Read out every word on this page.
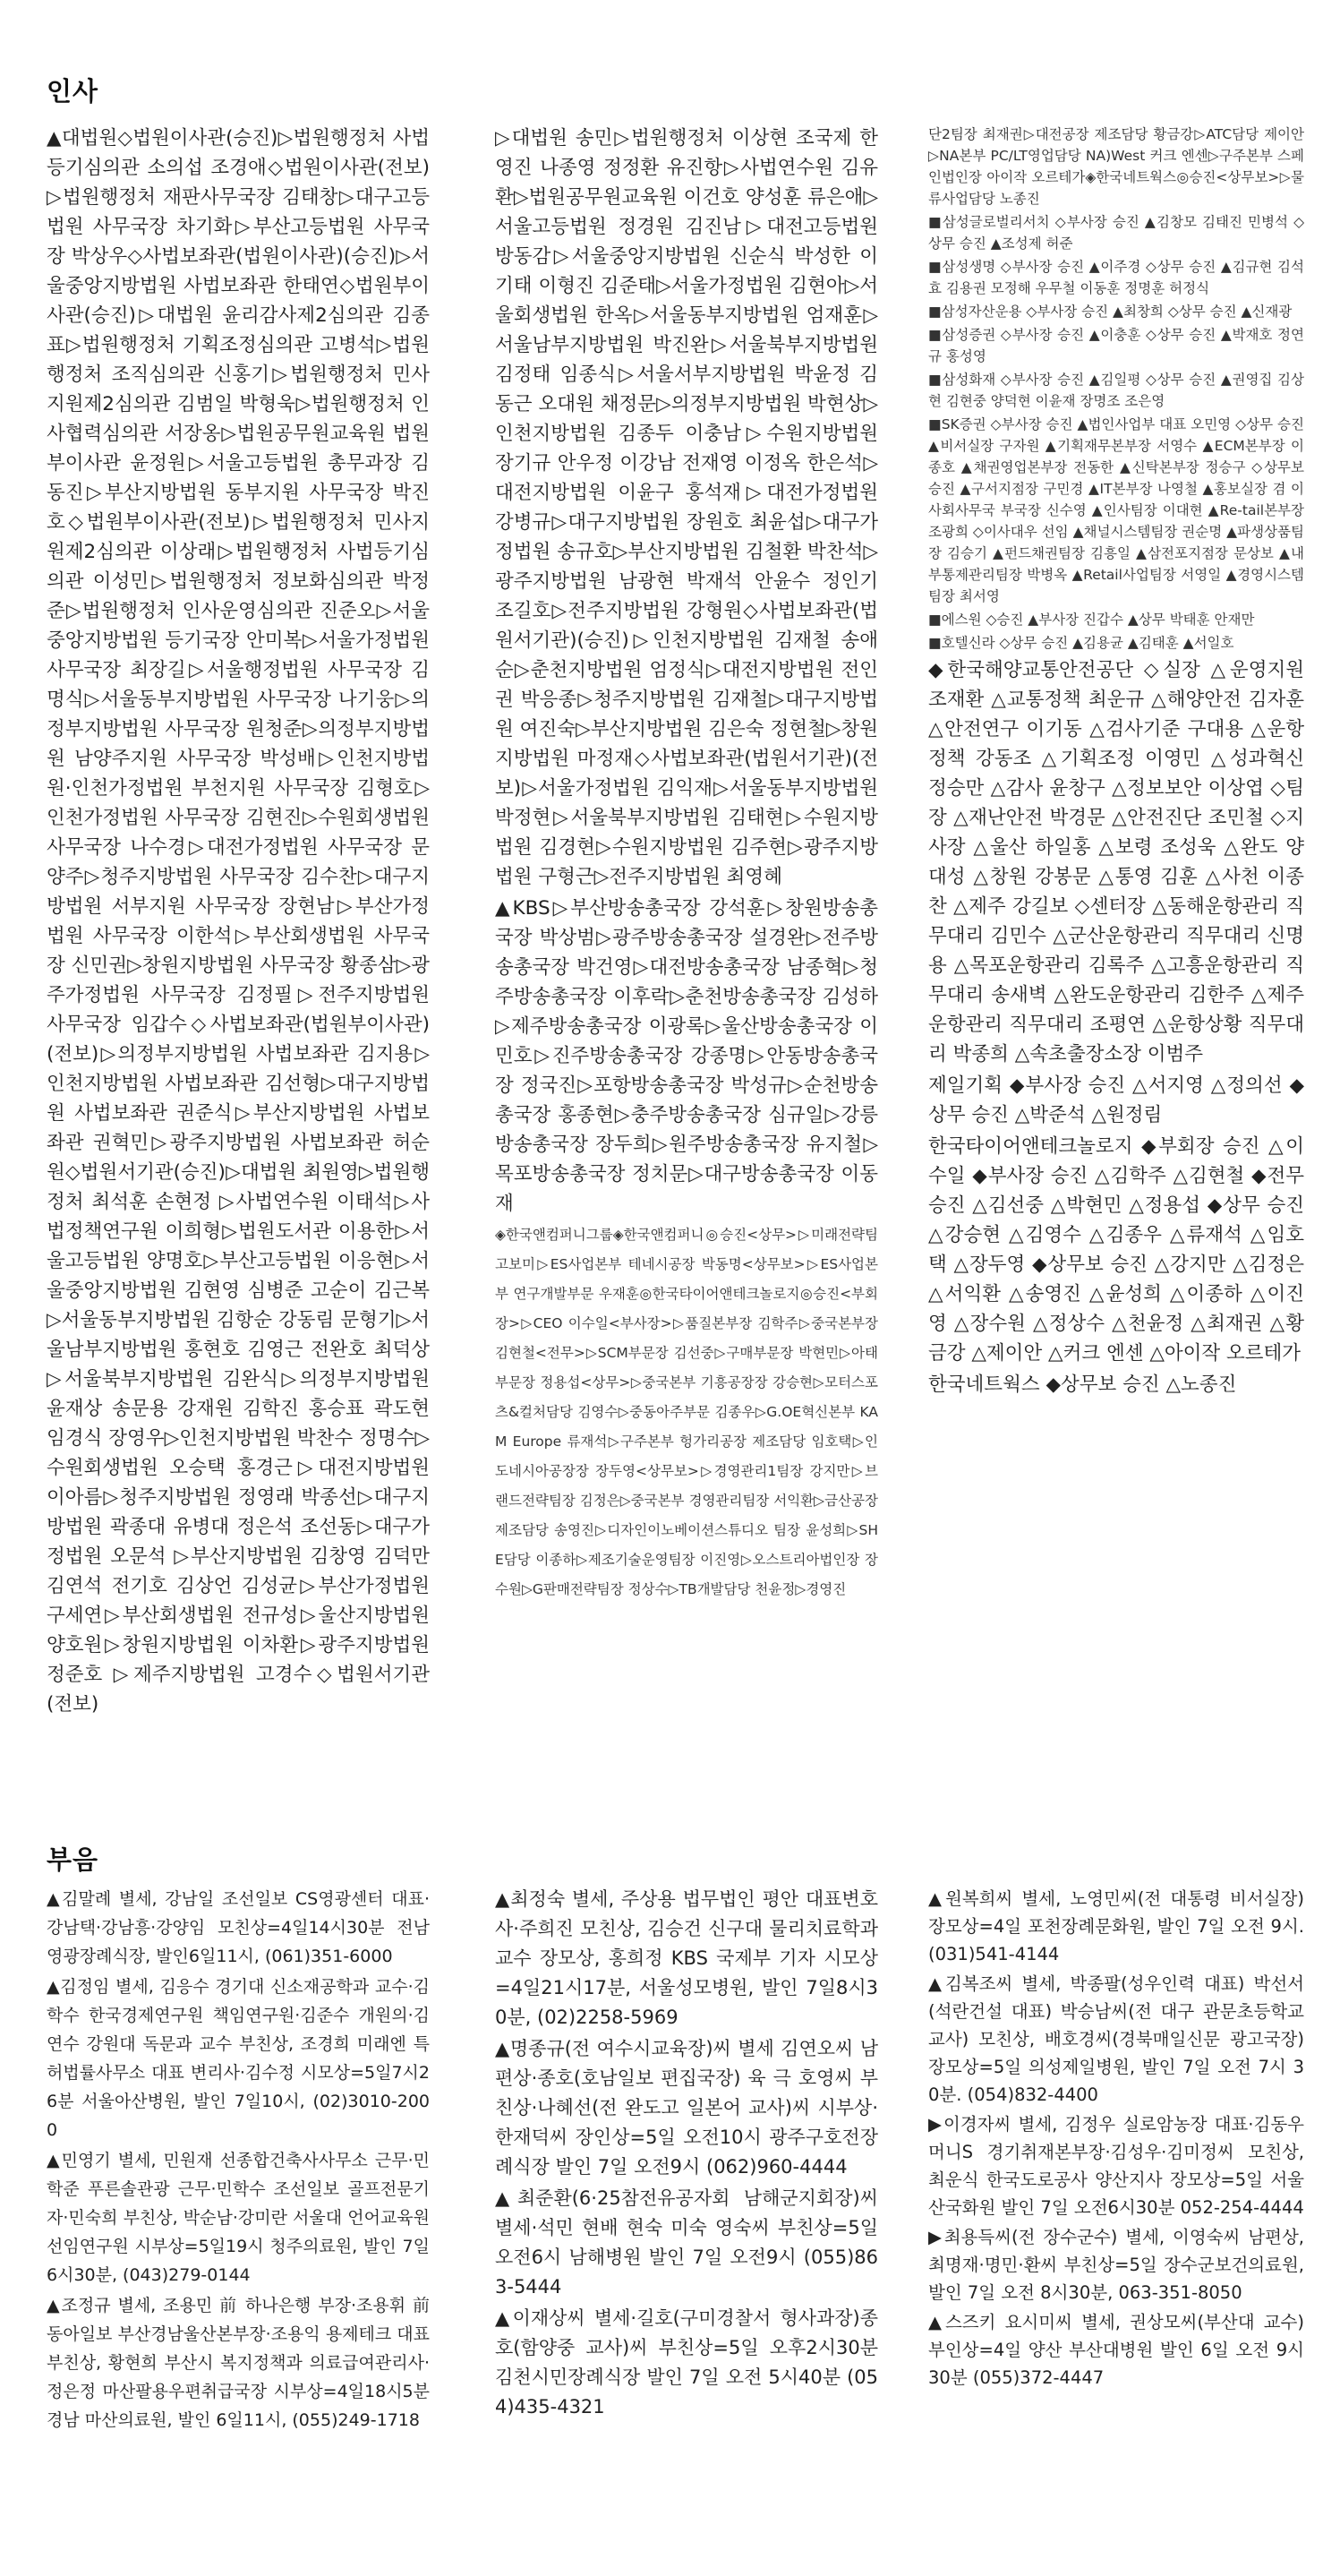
인사

▲대법원◇법원이사관(승진)▷법원행정처 사법등기심의관 소의섭 조경애◇법원이사관(전보)▷법원행정처 재판사무국장 김태창▷대구고등법원 사무국장 차기화▷부산고등법원 사무국장 박상우◇사법보좌관(법원이사관)(승진)▷서울중앙지방법원 사법보좌관 한태연◇법원부이사관(승진)▷대법원 윤리감사제2심의관 김종표▷법원행정처 기획조정심의관 고병석▷법원행정처 조직심의관 신홍기▷법원행정처 민사지원제2심의관 김범일 박형욱▷법원행정처 인사협력심의관 서장옹▷법원공무원교육원 법원부이사관 윤정원▷서울고등법원 총무과장 김동진▷부산지방법원 동부지원 사무국장 박진호◇법원부이사관(전보)▷법원행정처 민사지원제2심의관 이상래▷법원행정처 사법등기심의관 이성민▷법원행정처 정보화심의관 박정준▷법원행정처 인사운영심의관 진준오▷서울중앙지방법원 등기국장 안미복▷서울가정법원 사무국장 최장길▷서울행정법원 사무국장 김명식▷서울동부지방법원 사무국장 나기웅▷의정부지방법원 사무국장 원청준▷의정부지방법원 남양주지원 사무국장 박성배▷인천지방법원·인천가정법원 부천지원 사무국장 김형호▷인천가정법원 사무국장 김현진▷수원회생법원 사무국장 나수경▷대전가정법원 사무국장 문양주▷청주지방법원 사무국장 김수찬▷대구지방법원 서부지원 사무국장 장현남▷부산가정법원 사무국장 이한석▷부산회생법원 사무국장 신민권▷창원지방법원 사무국장 황종삼▷광주가정법원 사무국장 김정필▷전주지방법원 사무국장 임갑수◇사법보좌관(법원부이사관)(전보)▷의정부지방법원 사법보좌관 김지용▷인천지방법원 사법보좌관 김선형▷대구지방법원 사법보좌관 권준식▷부산지방법원 사법보좌관 권혁민▷광주지방법원 사법보좌관 허순원◇법원서기관(승진)▷대법원 최원영▷법원행정처 최석훈 손현정 ▷사법연수원 이태석▷사법정책연구원 이희형▷법원도서관 이용한▷서울고등법원 양명호▷부산고등법원 이응현▷서울중앙지방법원 김현영 심병준 고순이 김근복▷서울동부지방법원 김항순 강동림 문형기▷서울남부지방법원 홍현호 김영근 전완호 최덕상▷서울북부지방법원 김완식▷의정부지방법원 윤재상 송문용 강재원 김학진 홍승표 곽도현 임경식 장영우▷인천지방법원 박찬수 정명수▷수원회생법원 오승택 홍경근▷대전지방법원 이아름▷청주지방법원 정영래 박종선▷대구지방법원 곽종대 유병대 정은석 조선동▷대구가정법원 오문석 ▷부산지방법원 김창영 김덕만 김연석 전기호 김상언 김성균▷부산가정법원 구세연▷부산회생법원 전규성▷울산지방법원 양호원▷창원지방법원 이차환▷광주지방법원 정준호 ▷제주지방법원 고경수◇법원서기관(전보)

▷대법원 송민▷법원행정처 이상현 조국제 한영진 나종영 정정환 유진항▷사법연수원 김유환▷법원공무원교육원 이건호 양성훈 류은애▷서울고등법원 정경원 김진남▷대전고등법원 방동감▷서울중앙지방법원 신순식 박성한 이기태 이형진 김준태▷서울가정법원 김현아▷서울회생법원 한옥▷서울동부지방법원 엄재훈▷서울남부지방법원 박진완▷서울북부지방법원 김정태 임종식▷서울서부지방법원 박윤정 김동근 오대원 채정문▷의정부지방법원 박현상▷인천지방법원 김종두 이충남▷수원지방법원 장기규 안우정 이강남 전재영 이정옥 한은석▷대전지방법원 이윤구 홍석재▷대전가정법원 강병규▷대구지방법원 장원호 최윤섭▷대구가정법원 송규호▷부산지방법원 김철환 박찬석▷광주지방법원 남광현 박재석 안윤수 정인기 조길호▷전주지방법원 강형원◇사법보좌관(법원서기관)(승진)▷인천지방법원 김재철 송애순▷춘천지방법원 엄정식▷대전지방법원 전인권 박응종▷청주지방법원 김재철▷대구지방법원 여진숙▷부산지방법원 김은숙 정현철▷창원지방법원 마정재◇사법보좌관(법원서기관)(전보)▷서울가정법원 김익재▷서울동부지방법원 박정현▷서울북부지방법원 김태현▷수원지방법원 김경현▷수원지방법원 김주현▷광주지방법원 구형근▷전주지방법원 최영혜

▲KBS▷부산방송총국장 강석훈▷창원방송총국장 박상범▷광주방송총국장 설경완▷전주방송총국장 박건영▷대전방송총국장 남종혁▷청주방송총국장 이후락▷춘천방송총국장 김성하▷제주방송총국장 이광록▷울산방송총국장 이민호▷진주방송총국장 강종명▷안동방송총국장 정국진▷포항방송총국장 박성규▷순천방송총국장 홍종현▷충주방송총국장 심규일▷강릉방송총국장 장두희▷원주방송총국장 유지철▷목포방송총국장 정치문▷대구방송총국장 이동재

◈한국앤컴퍼니그룹◈한국앤컴퍼니◎승진<상무>▷미래전략팀 고보미▷ES사업본부 테네시공장 박동명<상무보>▷ES사업본부 연구개발부문 우재훈◎한국타이어앤테크놀로지◎승진<부회장>▷CEO 이수일<부사장>▷품질본부장 김학주▷중국본부장 김현철<전무>▷SCM부문장 김선중▷구매부문장 박현민▷아태부문장 정용섭<상무>▷중국본부 기흥공장장 강승현▷모터스포츠&컬처담당 김영수▷중동아주부문 김종우▷G.OE혁신본부 KAM Europe 류재석▷구주본부 헝가리공장 제조담당 임호택▷인도네시아공장장 장두영<상무보>▷경영관리1팀장 강지만▷브랜드전략팀장 김정은▷중국본부 경영관리팀장 서익환▷금산공장 제조담당 송영진▷디자인이노베이션스튜디오 팀장 윤성희▷SHE담당 이종하▷제조기술운영팀장 이진영▷오스트리아법인장 장수원▷G판매전략팀장 정상수▷TB개발담당 천윤정▷경영진

단2팀장 최재권▷대전공장 제조담당 황금강▷ATC담당 제이안▷NA본부 PC/LT영업담당 NA)West 커크 엔센▷구주본부 스페인법인장 아이작 오르테가◈한국네트웍스◎승진<상무보>▷물류사업담당 노종진

■삼성글로벌리서치 ◇부사장 승진 ▲김창모 김태진 민병석 ◇상무 승진 ▲조성제 허준

■삼성생명 ◇부사장 승진 ▲이주경 ◇상무 승진 ▲김규현 김석효 김용권 모정해 우무철 이동훈 정명훈 허정식

■삼성자산운용 ◇부사장 승진 ▲최창희 ◇상무 승진 ▲신재광

■삼성증권 ◇부사장 승진 ▲이충훈 ◇상무 승진 ▲박재호 정연규 홍성영

■삼성화재 ◇부사장 승진 ▲김일평 ◇상무 승진 ▲권영집 김상현 김현중 양덕현 이윤재 장명조 조은영

■SK증권 ◇부사장 승진 ▲법인사업부 대표 오민영 ◇상무 승진 ▲비서실장 구자원 ▲기획재무본부장 서영수 ▲ECM본부장 이종호 ▲채권영업본부장 전동한 ▲신탁본부장 정승구 ◇상무보 승진 ▲구서지점장 구민경 ▲IT본부장 나영철 ▲홍보실장 겸 이사회사무국 부국장 신수영 ▲인사팀장 이대현 ▲Re-tail본부장 조광희 ◇이사대우 선임 ▲채널시스템팀장 권순명 ▲파생상품팀장 김승기 ▲펀드채권팀장 김흥일 ▲삼전포지점장 문상보 ▲내부통제관리팀장 박병옥 ▲Retail사업팀장 서영일 ▲경영시스템팀장 최서영

■에스원 ◇승진 ▲부사장 진갑수 ▲상무 박태훈 안재만

■호텔신라 ◇상무 승진 ▲김용균 ▲김태훈 ▲서일호

◆한국해양교통안전공단 ◇실장 △운영지원 조재환 △교통정책 최운규 △해양안전 김자훈△안전연구 이기동 △검사기준 구대용 △운항정책 강동조 △기획조정 이영민 △성과혁신 정승만 △감사 윤창구 △정보보안 이상엽 ◇팀장 △재난안전 박경문 △안전진단 조민철 ◇지사장 △울산 하일홍 △보령 조성욱 △완도 양대성 △창원 강봉문 △통영 김훈 △사천 이종찬 △제주 강길보 ◇센터장 △동해운항관리 직무대리 김민수 △군산운항관리 직무대리 신명용 △목포운항관리 김록주 △고흥운항관리 직무대리 송새벽 △완도운항관리 김한주 △제주운항관리 직무대리 조평연 △운항상황 직무대리 박종희 △속초출장소장 이범주

제일기획 ◆부사장 승진 △서지영 △정의선 ◆상무 승진 △박준석 △원정림

한국타이어앤테크놀로지 ◆부회장 승진 △이수일 ◆부사장 승진 △김학주 △김현철 ◆전무 승진 △김선중 △박현민 △정용섭 ◆상무 승진 △강승현 △김영수 △김종우 △류재석 △임호택 △장두영 ◆상무보 승진 △강지만 △김정은 △서익환 △송영진 △윤성희 △이종하 △이진영 △장수원 △정상수 △천윤정 △최재권 △황금강 △제이안 △커크 엔센 △아이작 오르테가

한국네트웍스 ◆상무보 승진 △노종진

부음

▲김말례 별세, 강남일 조선일보 CS영광센터 대표·강남택·강남흥·강양임 모친상=4일14시30분 전남 영광장례식장, 발인6일11시, (061)351-6000

▲김정임 별세, 김응수 경기대 신소재공학과 교수·김학수 한국경제연구원 책임연구원·김준수 개원의·김연수 강원대 독문과 교수 부친상, 조경희 미래엔 특허법률사무소 대표 변리사·김수정 시모상=5일7시26분 서울아산병원, 발인 7일10시, (02)3010-2000

▲민영기 별세, 민원재 선종합건축사사무소 근무·민학준 푸른솔관광 근무·민학수 조선일보 골프전문기자·민숙희 부친상, 박순남·강미란 서울대 언어교육원 선임연구원 시부상=5일19시 청주의료원, 발인 7일6시30분, (043)279-0144

▲조정규 별세, 조용민 前 하나은행 부장·조용휘 前 동아일보 부산경남울산본부장·조용익 용제테크 대표 부친상, 황현희 부산시 복지정책과 의료급여관리사·정은정 마산팔용우편취급국장 시부상=4일18시5분 경남 마산의료원, 발인 6일11시, (055)249-1718

▲최정숙 별세, 주상용 법무법인 평안 대표변호사·주희진 모친상, 김승건 신구대 물리치료학과 교수 장모상, 홍희정 KBS 국제부 기자 시모상=4일21시17분, 서울성모병원, 발인 7일8시30분, (02)2258-5969

▲명종규(전 여수시교육장)씨 별세 김연오씨 남편상·종호(호남일보 편집국장) 육 극 호영씨 부친상·나혜선(전 완도고 일본어 교사)씨 시부상·한재덕씨 장인상=5일 오전10시 광주구호전장례식장 발인 7일 오전9시 (062)960-4444

▲최준환(6·25참전유공자회 남해군지회장)씨 별세·석민 현배 현숙 미숙 영숙씨 부친상=5일 오전6시 남해병원 발인 7일 오전9시 (055)863-5444

▲이재상씨 별세·길호(구미경찰서 형사과장)종호(함양중 교사)씨 부친상=5일 오후2시30분 김천시민장례식장 발인 7일 오전 5시40분 (054)435-4321

▲원복희씨 별세, 노영민씨(전 대통령 비서실장) 장모상=4일 포천장례문화원, 발인 7일 오전 9시. (031)541-4144

▲김복조씨 별세, 박종팔(성우인력 대표) 박선서(석란건설 대표) 박승남씨(전 대구 관문초등학교 교사) 모친상, 배호경씨(경북매일신문 광고국장) 장모상=5일 의성제일병원, 발인 7일 오전 7시 30분. (054)832-4400

▶이경자씨 별세, 김정우 실로암농장 대표·김동우 머니S 경기취재본부장·김성우·김미정씨 모친상, 최운식 한국도로공사 양산지사 장모상=5일 서울산국화원 발인 7일 오전6시30분 052-254-4444

▶최용득씨(전 장수군수) 별세, 이영숙씨 남편상, 최명재·명민·환씨 부친상=5일 장수군보건의료원, 발인 7일 오전 8시30분, 063-351-8050

▲스즈키 요시미씨 별세, 권상모씨(부산대 교수) 부인상=4일 양산 부산대병원 발인 6일 오전 9시30분 (055)372-4447
